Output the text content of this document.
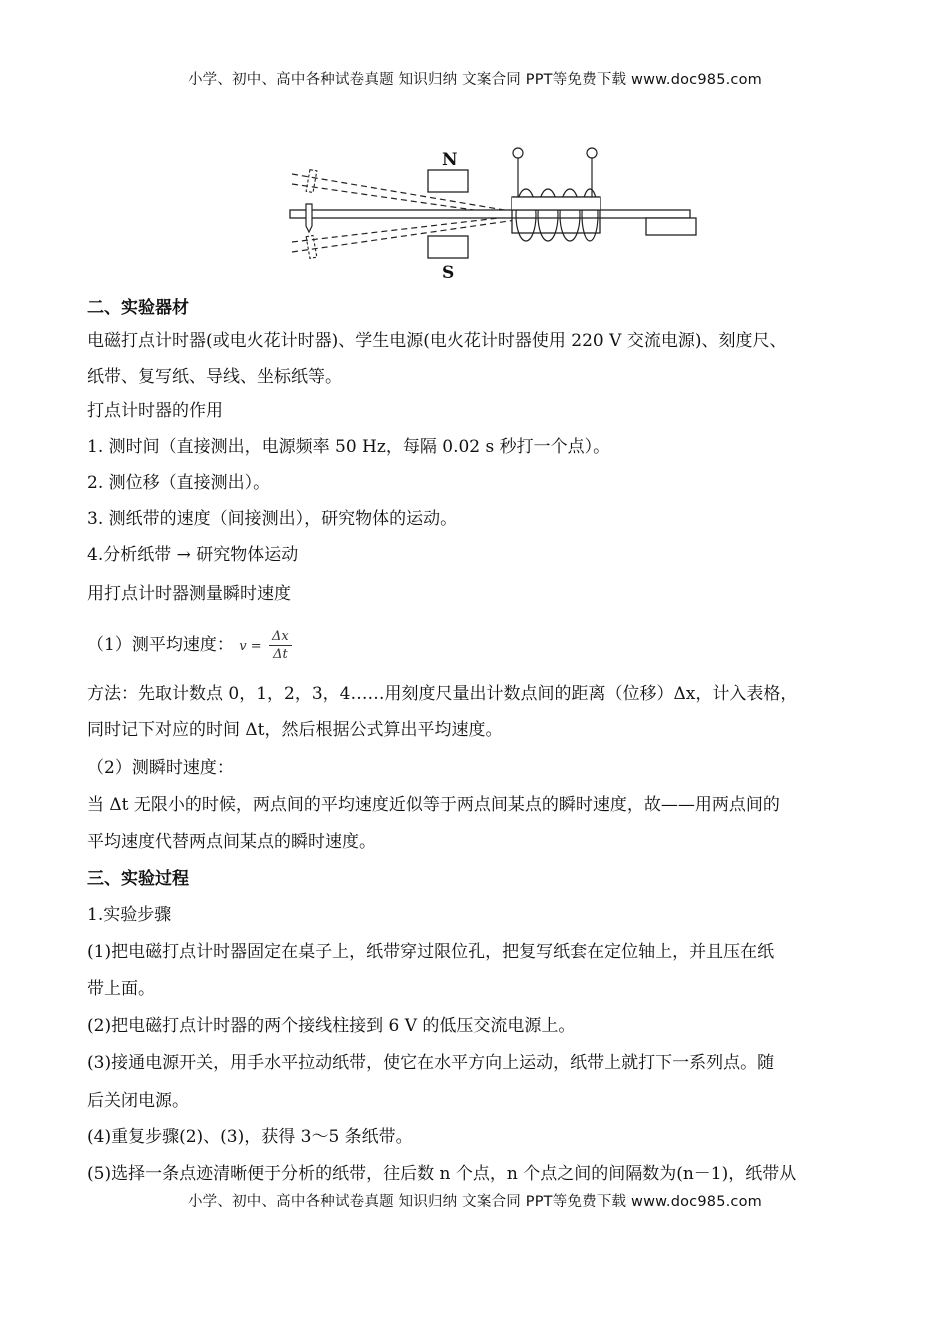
小学、初中、高中各种试卷真题 知识归纳 文案合同 PPT等免费下载 www.doc985.com
N
S
二、实验器材
电磁打点计时器(或电火花计时器)、学生电源(电火花计时器使用 220 V 交流电源)、刻度尺、
纸带、复写纸、导线、坐标纸等。
打点计时器的作用
1. 测时间（直接测出，电源频率 50 Hz，每隔 0.02 s 秒打一个点）。
2. 测位移（直接测出）。
3. 测纸带的速度（间接测出），研究物体的运动。
4.分析纸带 → 研究物体运动
用打点计时器测量瞬时速度
（1）测平均速度： $v = \frac{\Delta x}{\Delta t}$
方法：先取计数点 0，1，2，3，4……用刻度尺量出计数点间的距离（位移）Δx，计入表格，
同时记下对应的时间 Δt，然后根据公式算出平均速度。
（2）测瞬时速度：
当 Δt 无限小的时候，两点间的平均速度近似等于两点间某点的瞬时速度，故——用两点间的
平均速度代替两点间某点的瞬时速度。
三、实验过程
1.实验步骤
(1)把电磁打点计时器固定在桌子上，纸带穿过限位孔，把复写纸套在定位轴上，并且压在纸
带上面。
(2)把电磁打点计时器的两个接线柱接到 6 V 的低压交流电源上。
(3)接通电源开关，用手水平拉动纸带，使它在水平方向上运动，纸带上就打下一系列点。随
后关闭电源。
(4)重复步骤(2)、(3)，获得 3～5 条纸带。
(5)选择一条点迹清晰便于分析的纸带，往后数 n 个点，n 个点之间的间隔数为(n－1)，纸带从
小学、初中、高中各种试卷真题 知识归纳 文案合同 PPT等免费下载 www.doc985.com
